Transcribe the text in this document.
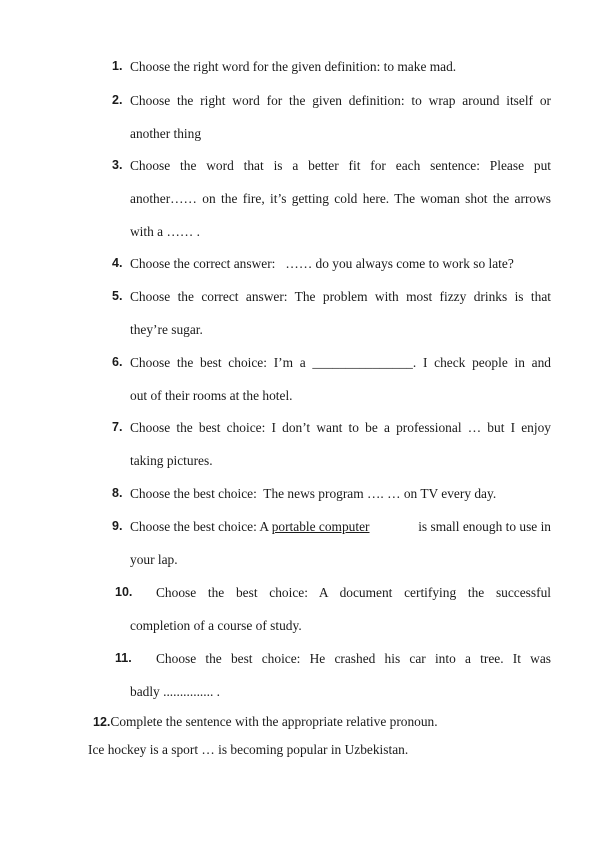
1. Choose the right word for the given definition: to make mad.
2. Choose the right word for the given definition: to wrap around itself or
another thing
3. Choose the word that is a better fit for each sentence: Please put
another…… on the fire, it’s getting cold here. The woman shot the arrows
with a …… .
4. Choose the correct answer:   …… do you always come to work so late?
5. Choose the correct answer: The problem with most fizzy drinks is that
they’re sugar.
6. Choose the best choice: I’m a _______________. I check people in and
out of their rooms at the hotel.
7. Choose the best choice: I don’t want to be a professional … but I enjoy
taking pictures.
8. Choose the best choice:  The news program …. … on TV every day.
9. Choose the best choice: A portable computer	is small enough to use in
your lap.
10. Choose the best choice: A document certifying the successful
completion of a course of study.
11. Choose the best choice: He crashed his car into a tree. It was
badly ............... .
12.Complete the sentence with the appropriate relative pronoun.
Ice hockey is a sport … is becoming popular in Uzbekistan.
